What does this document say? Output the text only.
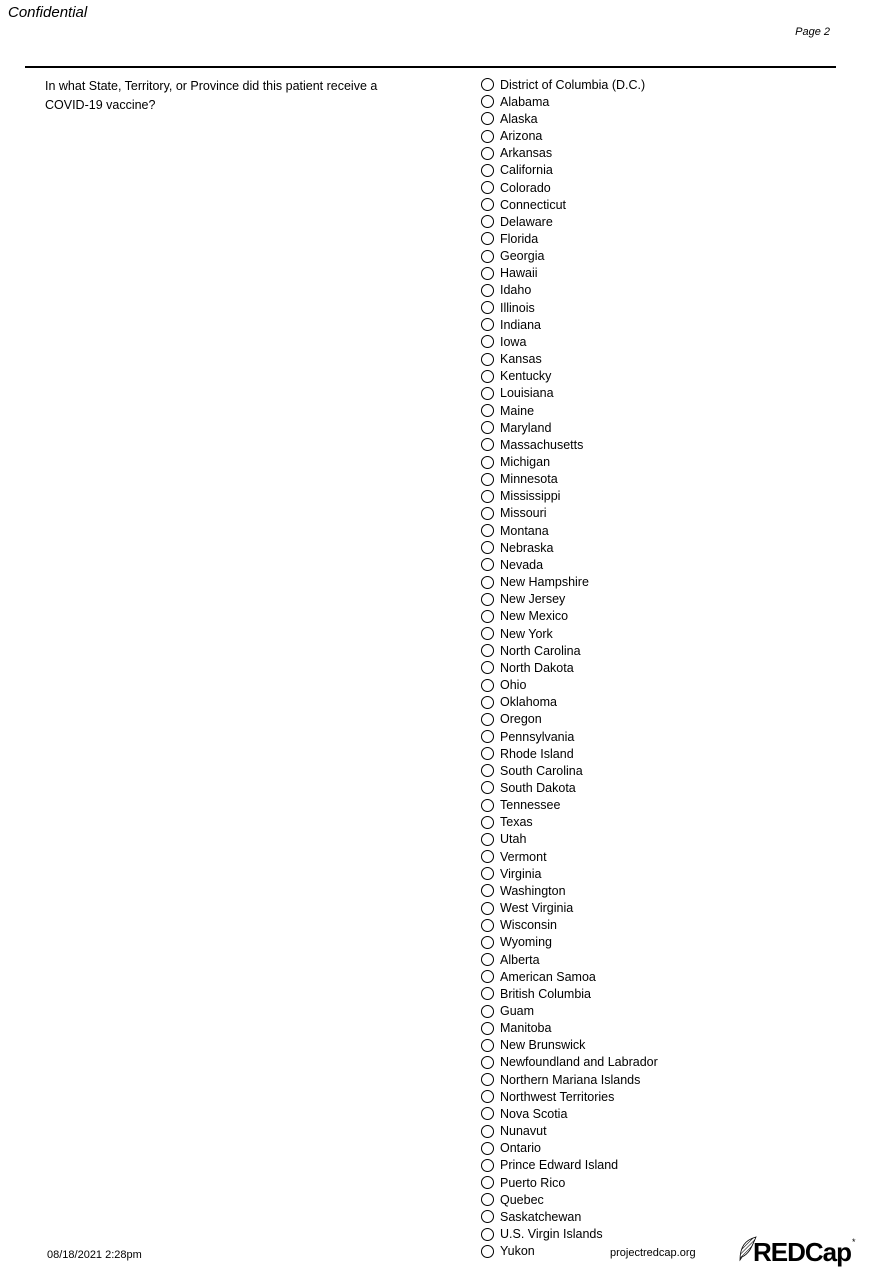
Confidential
Page 2
In what State, Territory, or Province did this patient receive a COVID-19 vaccine?
District of Columbia (D.C.)
Alabama
Alaska
Arizona
Arkansas
California
Colorado
Connecticut
Delaware
Florida
Georgia
Hawaii
Idaho
Illinois
Indiana
Iowa
Kansas
Kentucky
Louisiana
Maine
Maryland
Massachusetts
Michigan
Minnesota
Mississippi
Missouri
Montana
Nebraska
Nevada
New Hampshire
New Jersey
New Mexico
New York
North Carolina
North Dakota
Ohio
Oklahoma
Oregon
Pennsylvania
Rhode Island
South Carolina
South Dakota
Tennessee
Texas
Utah
Vermont
Virginia
Washington
West Virginia
Wisconsin
Wyoming
Alberta
American Samoa
British Columbia
Guam
Manitoba
New Brunswick
Newfoundland and Labrador
Northern Mariana Islands
Northwest Territories
Nova Scotia
Nunavut
Ontario
Prince Edward Island
Puerto Rico
Quebec
Saskatchewan
U.S. Virgin Islands
Yukon
08/18/2021 2:28pm	projectredcap.org REDCap *
